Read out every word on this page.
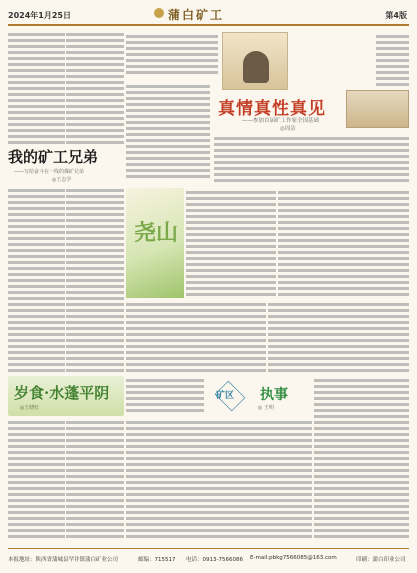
2024年1月25日	蒲白矿工	第4版
真情真性真见
——参加首届矿工作家全国基础
◎周洁
我的矿工兄弟
——写给奋斗在一线的煤矿兄弟
◎王志学
尧山
岁食·水蓬平阴
◎王晓红
矿区 执事
◎ 王明
本报地址：陕西省蒲城县罕井镇蒲白矿业公司	邮编：715517 电话：0913-7566086 E-mail:pbkg7566085@163.com	印刷：蒲白印业公司
